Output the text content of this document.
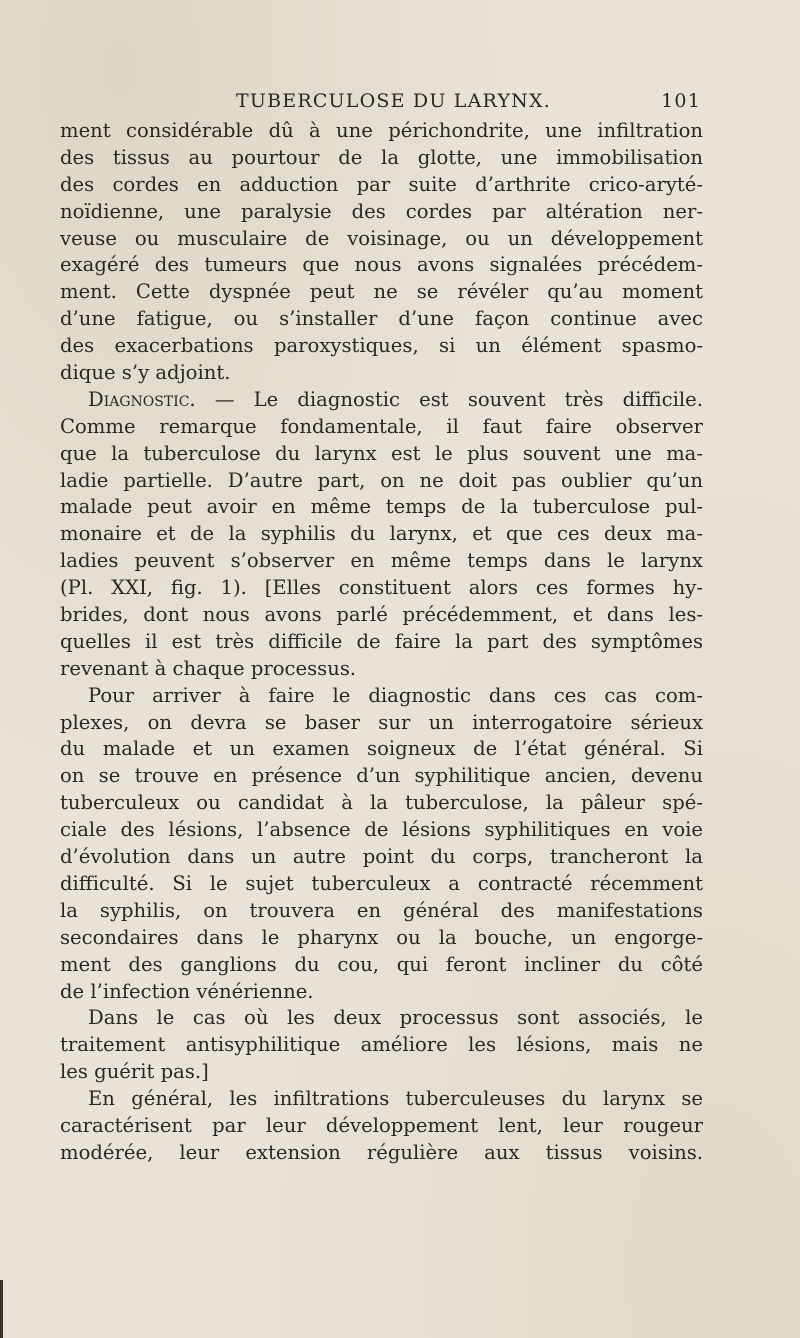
TUBERCULOSE DU LARYNX.	101
ment considérable dû à une périchondrite, une infiltration
des tissus au pourtour de la glotte, une immobilisation
des cordes en adduction par suite d’arthrite crico-aryté-
noïdienne, une paralysie des cordes par altération ner-
veuse ou musculaire de voisinage, ou un développement
exagéré des tumeurs que nous avons signalées précédem-
ment. Cette dyspnée peut ne se révéler qu’au moment
d’une fatigue, ou s’installer d’une façon continue avec
des exacerbations paroxystiques, si un élément spasmo-
dique s’y adjoint.
Diagnostic. — Le diagnostic est souvent très difficile.
Comme remarque fondamentale, il faut faire observer
que la tuberculose du larynx est le plus souvent une ma-
ladie partielle. D’autre part, on ne doit pas oublier qu’un
malade peut avoir en même temps de la tuberculose pul-
monaire et de la syphilis du larynx, et que ces deux ma-
ladies peuvent s’observer en même temps dans le larynx
(Pl. XXI, fig. 1). [Elles constituent alors ces formes hy-
brides, dont nous avons parlé précédemment, et dans les-
quelles il est très difficile de faire la part des symptômes
revenant à chaque processus.
Pour arriver à faire le diagnostic dans ces cas com-
plexes, on devra se baser sur un interrogatoire sérieux
du malade et un examen soigneux de l’état général. Si
on se trouve en présence d’un syphilitique ancien, devenu
tuberculeux ou candidat à la tuberculose, la pâleur spé-
ciale des lésions, l’absence de lésions syphilitiques en voie
d’évolution dans un autre point du corps, trancheront la
difficulté. Si le sujet tuberculeux a contracté récemment
la syphilis, on trouvera en général des manifestations
secondaires dans le pharynx ou la bouche, un engorge-
ment des ganglions du cou, qui feront incliner du côté
de l’infection vénérienne.
Dans le cas où les deux processus sont associés, le
traitement antisyphilitique améliore les lésions, mais ne
les guérit pas.]
En général, les infiltrations tuberculeuses du larynx se
caractérisent par leur développement lent, leur rougeur
modérée, leur extension régulière aux tissus voisins.
